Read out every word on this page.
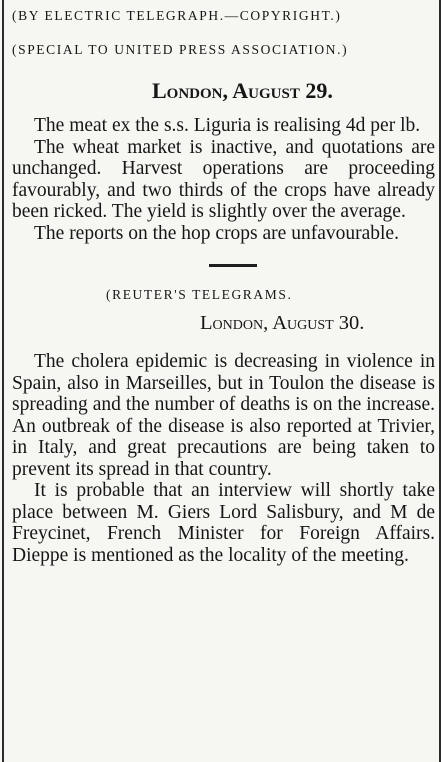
(BY ELECTRIC TELEGRAPH.—COPYRIGHT.)
(SPECIAL TO UNITED PRESS ASSOCIATION.)
London, August 29.

The meat ex the s.s. Liguria is realising 4d per lb.

The wheat market is inactive, and quotations are unchanged. Harvest operations are proceeding favourably, and two thirds of the crops have already been ricked. The yield is slightly over the average.

The reports on the hop crops are unfavourable.

(REUTER'S TELEGRAMS.
London, August 30.

The cholera epidemic is decreasing in violence in Spain, also in Marseilles, but in Toulon the disease is spreading and the number of deaths is on the increase. An outbreak of the disease is also reported at Trivier, in Italy, and great precautions are being taken to prevent its spread in that country.

It is probable that an interview will shortly take place between M. Giers Lord Salisbury, and M de Freycinet, French Minister for Foreign Affairs. Dieppe is mentioned as the locality of the meeting.
